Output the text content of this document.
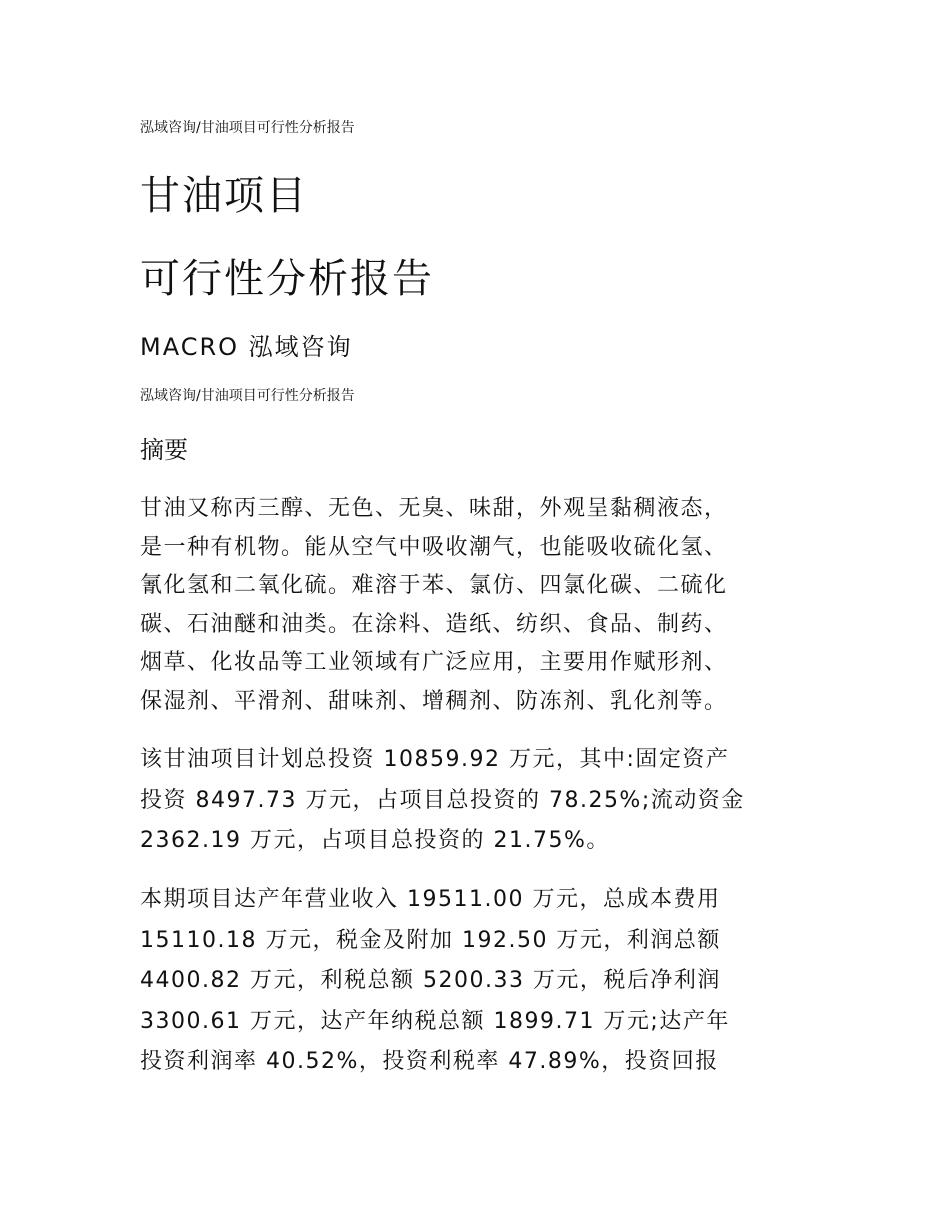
泓域咨询/甘油项目可行性分析报告
甘油项目
可行性分析报告
MACRO 泓域咨询
泓域咨询/甘油项目可行性分析报告
摘要
甘油又称丙三醇、无色、无臭、味甜，外观呈黏稠液态，
是一种有机物。能从空气中吸收潮气，也能吸收硫化氢、
氰化氢和二氧化硫。难溶于苯、氯仿、四氯化碳、二硫化
碳、石油醚和油类。在涂料、造纸、纺织、食品、制药、
烟草、化妆品等工业领域有广泛应用，主要用作赋形剂、
保湿剂、平滑剂、甜味剂、增稠剂、防冻剂、乳化剂等。
该甘油项目计划总投资 10859.92 万元，其中:固定资产
投资 8497.73 万元，占项目总投资的 78.25%;流动资金
2362.19 万元，占项目总投资的 21.75%。
本期项目达产年营业收入 19511.00 万元，总成本费用
15110.18 万元，税金及附加 192.50 万元，利润总额
4400.82 万元，利税总额 5200.33 万元，税后净利润
3300.61 万元，达产年纳税总额 1899.71 万元;达产年
投资利润率 40.52%，投资利税率 47.89%，投资回报
